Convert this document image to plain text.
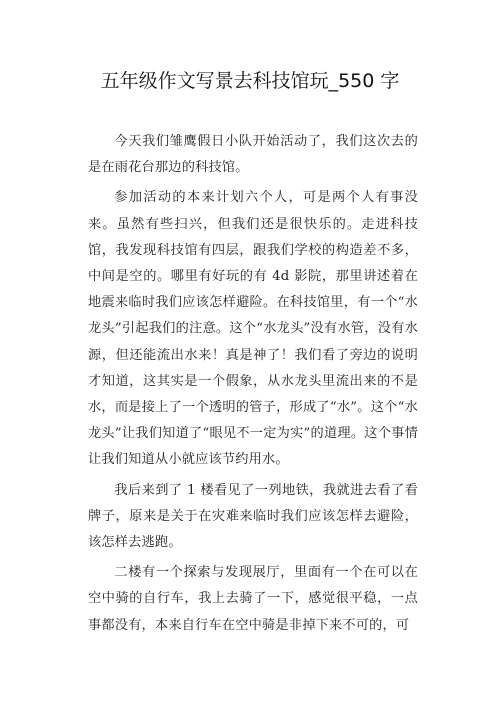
五年级作文写景去科技馆玩_550 字

今天我们雏鹰假日小队开始活动了，我们这次去的是在雨花台那边的科技馆。

参加活动的本来计划六个人，可是两个人有事没来。虽然有些扫兴，但我们还是很快乐的。走进科技馆，我发现科技馆有四层，跟我们学校的构造差不多，中间是空的。哪里有好玩的有 4d 影院，那里讲述着在地震来临时我们应该怎样避险。在科技馆里，有一个“水龙头”引起我们的注意。这个“水龙头”没有水管，没有水源，但还能流出水来！真是神了！我们看了旁边的说明才知道，这其实是一个假象，从水龙头里流出来的不是水，而是接上了一个透明的管子，形成了“水”。这个“水龙头”让我们知道了“眼见不一定为实”的道理。这个事情让我们知道从小就应该节约用水。

我后来到了 1 楼看见了一列地铁，我就进去看了看牌子，原来是关于在灾难来临时我们应该怎样去避险，该怎样去逃跑。

二楼有一个探索与发现展厅，里面有一个在可以在空中骑的自行车，我上去骑了一下，感觉很平稳，一点事都没有，本来自行车在空中骑是非掉下来不可的，可
